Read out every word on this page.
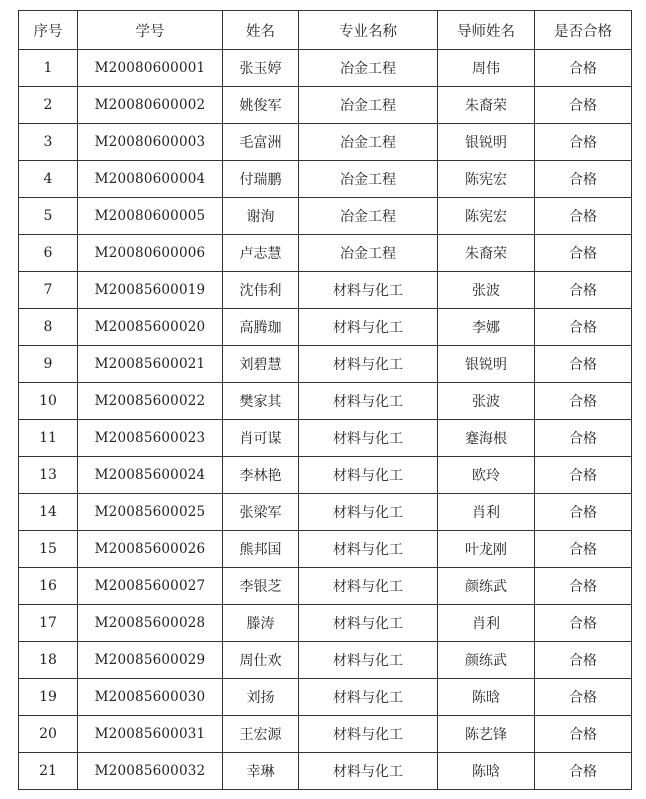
序号	学号	姓名	专业名称	导师姓名	是否合格
1	M20080600001	张玉婷	冶金工程	周伟	合格
2	M20080600002	姚俊军	冶金工程	朱裔荣	合格
3	M20080600003	毛富洲	冶金工程	银锐明	合格
4	M20080600004	付瑞鹏	冶金工程	陈宪宏	合格
5	M20080600005	谢洵	冶金工程	陈宪宏	合格
6	M20080600006	卢志慧	冶金工程	朱裔荣	合格
7	M20085600019	沈伟利	材料与化工	张波	合格
8	M20085600020	高腾珈	材料与化工	李娜	合格
9	M20085600021	刘碧慧	材料与化工	银锐明	合格
10	M20085600022	樊家其	材料与化工	张波	合格
11	M20085600023	肖可谋	材料与化工	蹇海根	合格
13	M20085600024	李林艳	材料与化工	欧玲	合格
14	M20085600025	张梁军	材料与化工	肖利	合格
15	M20085600026	熊邦国	材料与化工	叶龙刚	合格
16	M20085600027	李银芝	材料与化工	颜练武	合格
17	M20085600028	滕涛	材料与化工	肖利	合格
18	M20085600029	周仕欢	材料与化工	颜练武	合格
19	M20085600030	刘扬	材料与化工	陈晗	合格
20	M20085600031	王宏源	材料与化工	陈艺锋	合格
21	M20085600032	幸琳	材料与化工	陈晗	合格
